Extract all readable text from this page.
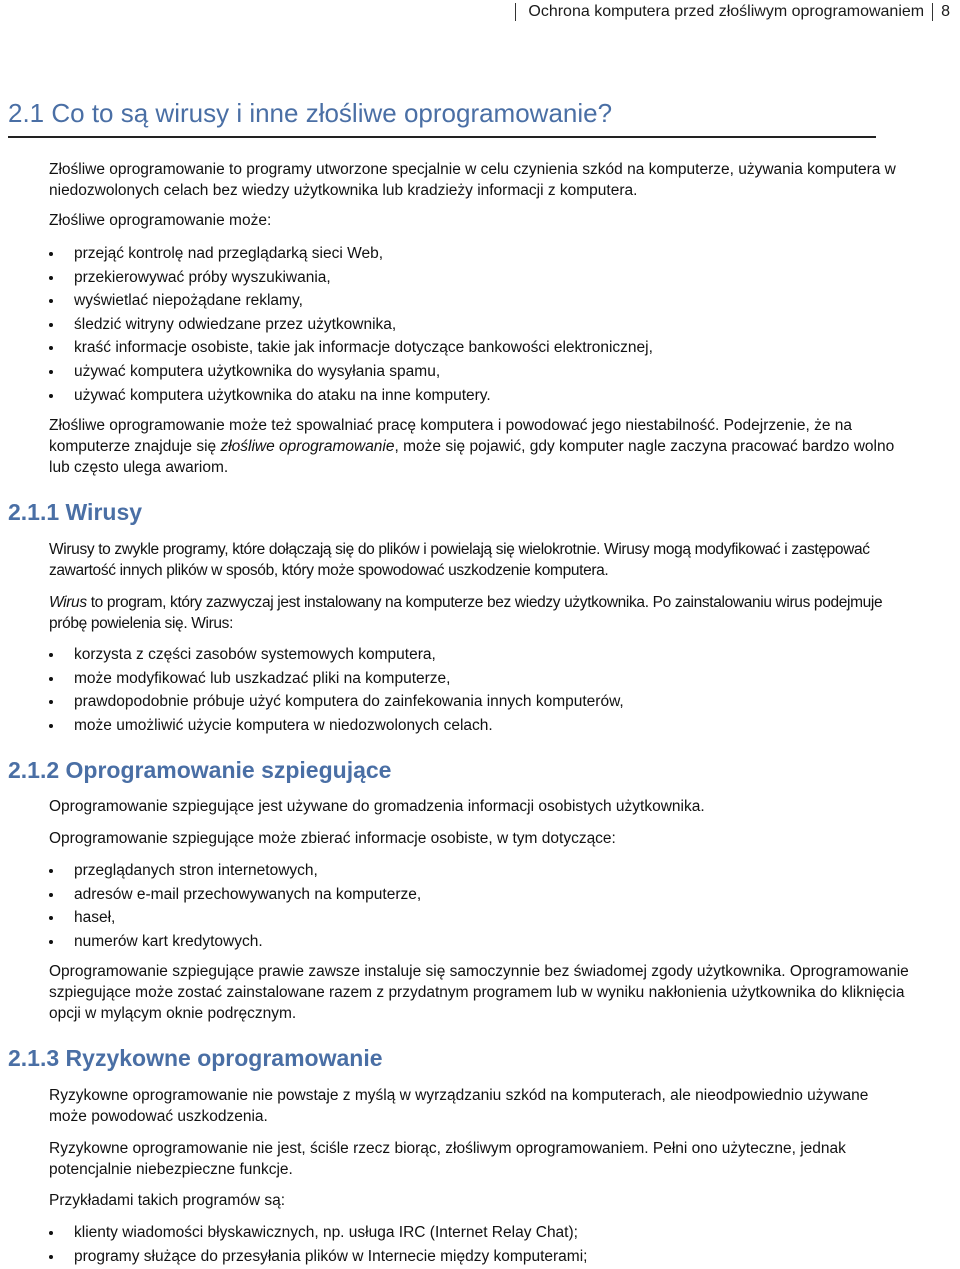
Ochrona komputera przed złośliwym oprogramowaniem 8
2.1 Co to są wirusy i inne złośliwe oprogramowanie?
Złośliwe oprogramowanie to programy utworzone specjalnie w celu czynienia szkód na komputerze, używania komputera w niedozwolonych celach bez wiedzy użytkownika lub kradzieży informacji z komputera.
Złośliwe oprogramowanie może:
przejąć kontrolę nad przeglądarką sieci Web,
przekierowywać próby wyszukiwania,
wyświetlać niepożądane reklamy,
śledzić witryny odwiedzane przez użytkownika,
kraść informacje osobiste, takie jak informacje dotyczące bankowości elektronicznej,
używać komputera użytkownika do wysyłania spamu,
używać komputera użytkownika do ataku na inne komputery.
Złośliwe oprogramowanie może też spowalniać pracę komputera i powodować jego niestabilność. Podejrzenie, że na komputerze znajduje się złośliwe oprogramowanie, może się pojawić, gdy komputer nagle zaczyna pracować bardzo wolno lub często ulega awariom.
2.1.1 Wirusy
Wirusy to zwykle programy, które dołączają się do plików i powielają się wielokrotnie. Wirusy mogą modyfikować i zastępować zawartość innych plików w sposób, który może spowodować uszkodzenie komputera.
Wirus to program, który zazwyczaj jest instalowany na komputerze bez wiedzy użytkownika. Po zainstalowaniu wirus podejmuje próbę powielenia się. Wirus:
korzysta z części zasobów systemowych komputera,
może modyfikować lub uszkadzać pliki na komputerze,
prawdopodobnie próbuje użyć komputera do zainfekowania innych komputerów,
może umożliwić użycie komputera w niedozwolonych celach.
2.1.2 Oprogramowanie szpiegujące
Oprogramowanie szpiegujące jest używane do gromadzenia informacji osobistych użytkownika.
Oprogramowanie szpiegujące może zbierać informacje osobiste, w tym dotyczące:
przeglądanych stron internetowych,
adresów e-mail przechowywanych na komputerze,
haseł,
numerów kart kredytowych.
Oprogramowanie szpiegujące prawie zawsze instaluje się samoczynnie bez świadomej zgody użytkownika. Oprogramowanie szpiegujące może zostać zainstalowane razem z przydatnym programem lub w wyniku nakłonienia użytkownika do kliknięcia opcji w mylącym oknie podręcznym.
2.1.3 Ryzykowne oprogramowanie
Ryzykowne oprogramowanie nie powstaje z myślą w wyrządzaniu szkód na komputerach, ale nieodpowiednio używane może powodować uszkodzenia.
Ryzykowne oprogramowanie nie jest, ściśle rzecz biorąc, złośliwym oprogramowaniem. Pełni ono użyteczne, jednak potencjalnie niebezpieczne funkcje.
Przykładami takich programów są:
klienty wiadomości błyskawicznych, np. usługa IRC (Internet Relay Chat);
programy służące do przesyłania plików w Internecie między komputerami;
